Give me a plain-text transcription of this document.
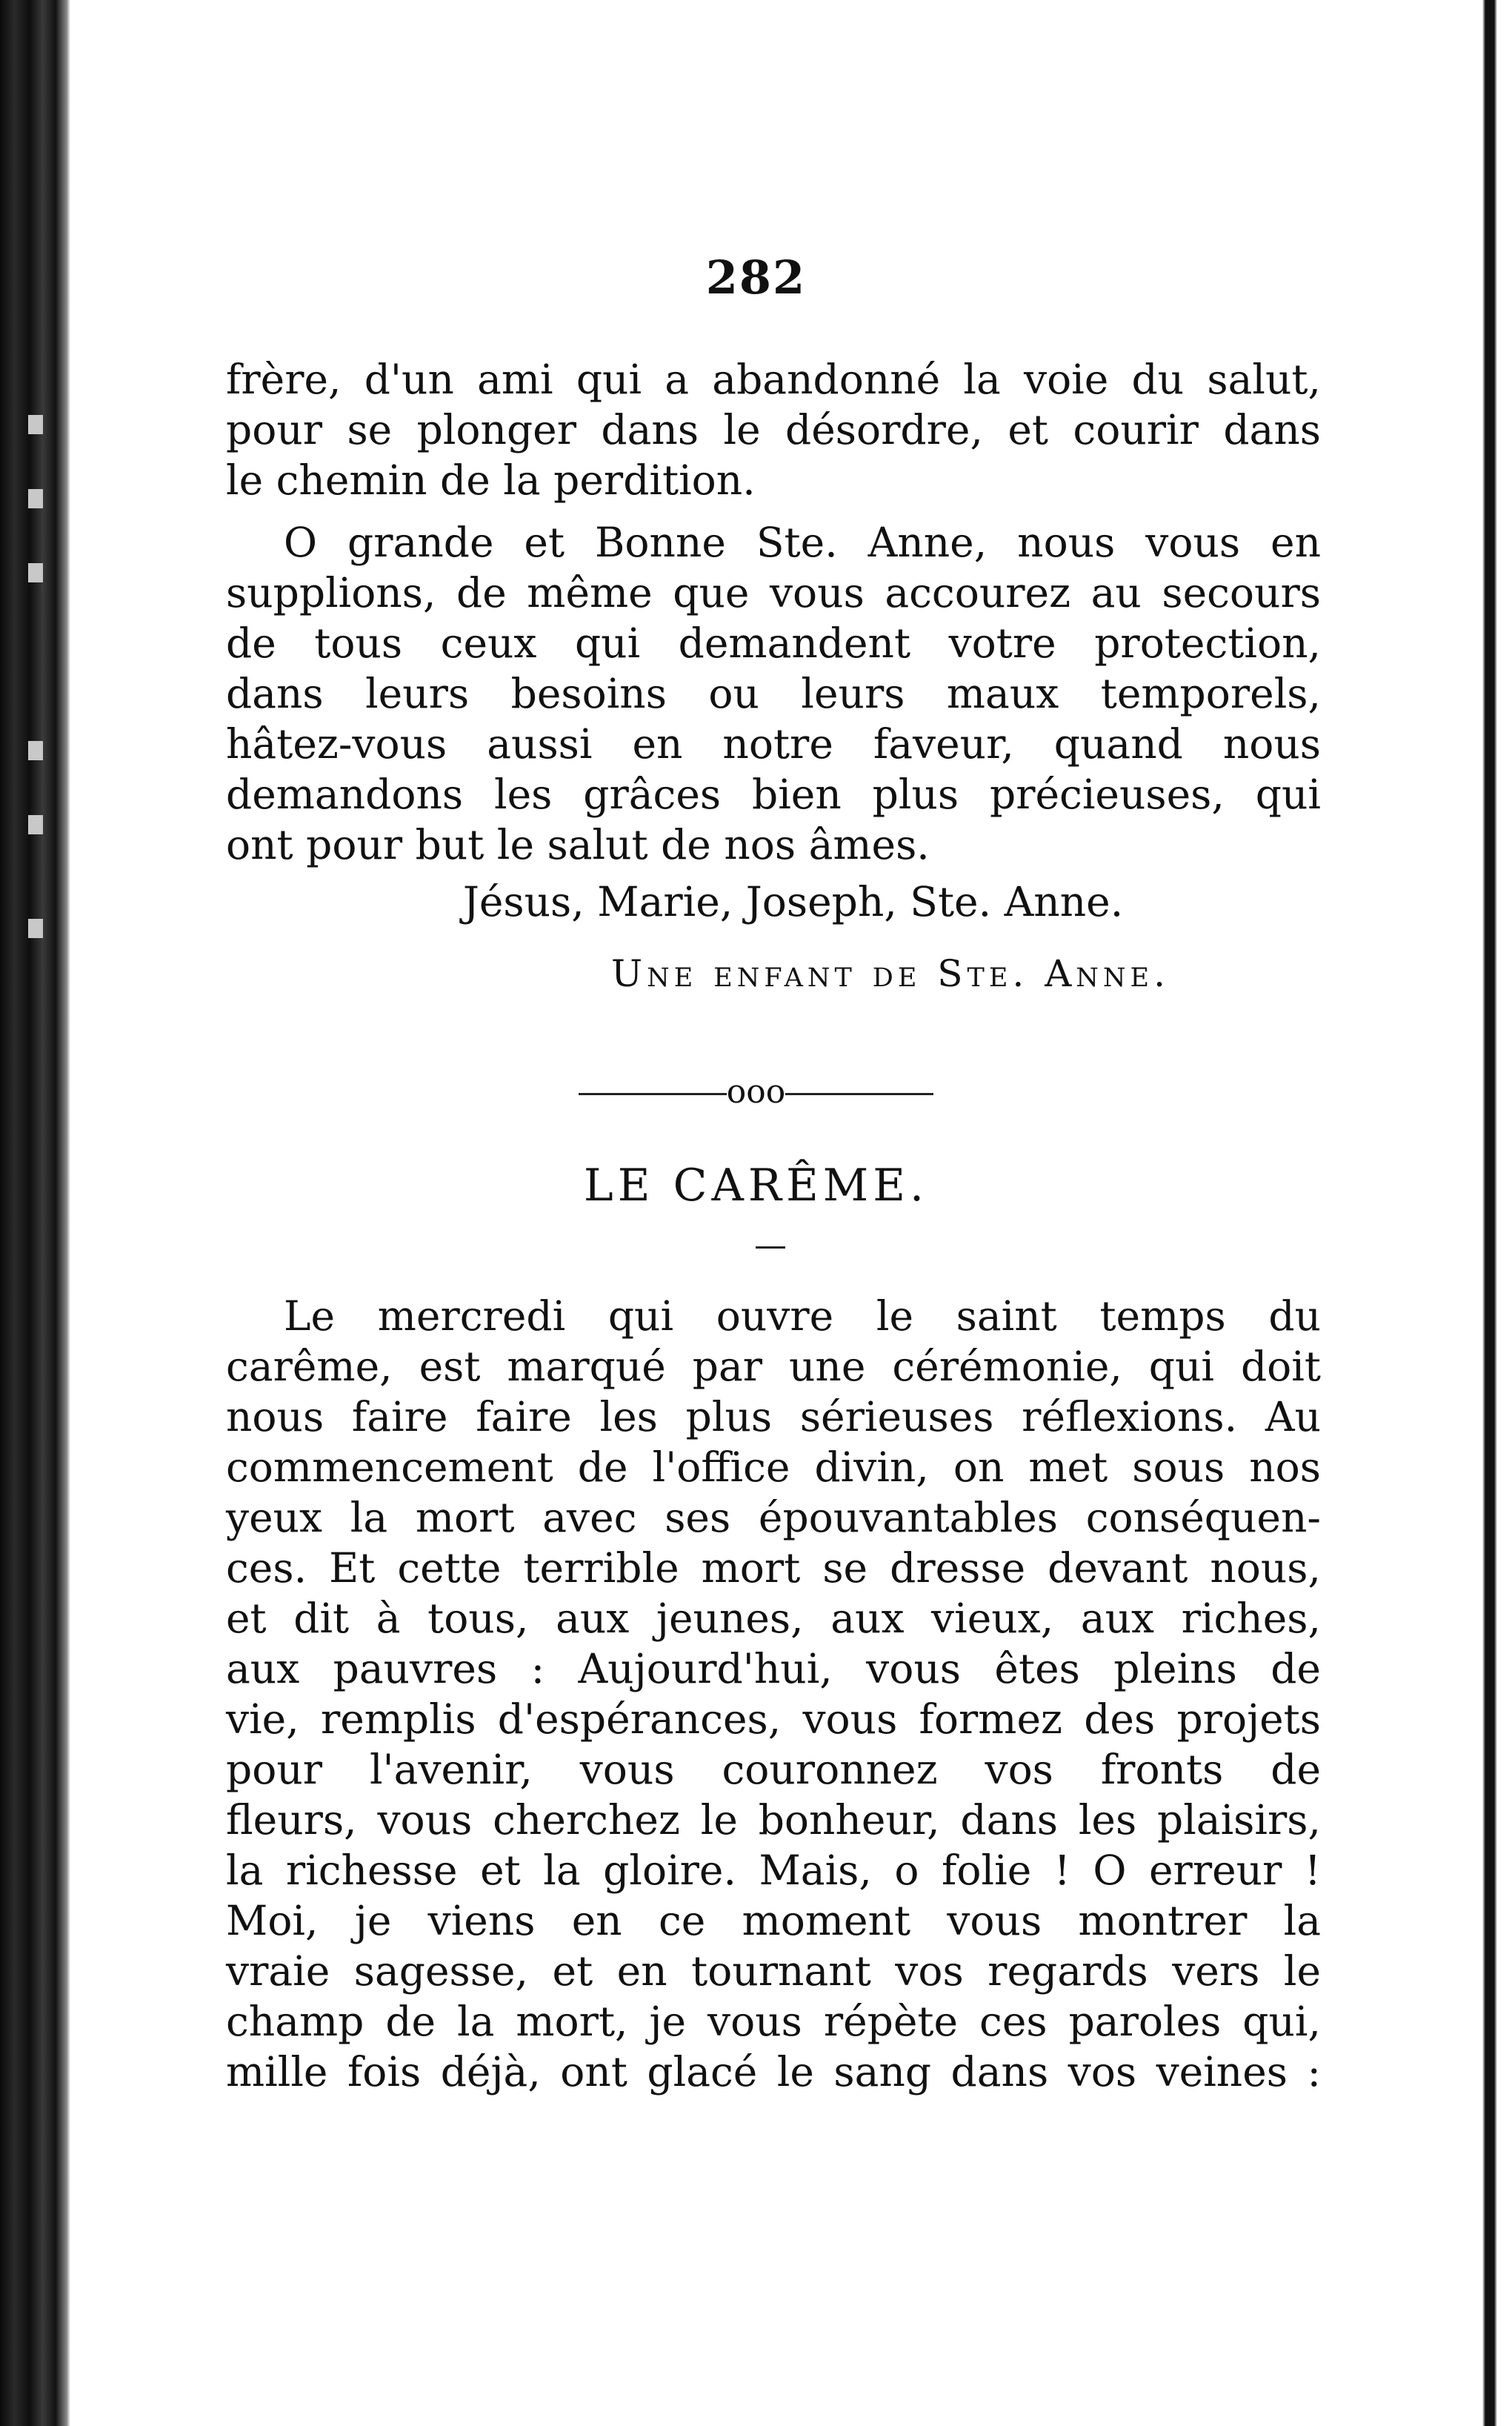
282
frère, d'un ami qui a abandonné la voie du salut,
pour se plonger dans le désordre, et courir dans
le chemin de la perdition.
O grande et Bonne Ste. Anne, nous vous en
supplions, de même que vous accourez au secours
de tous ceux qui demandent votre protection,
dans leurs besoins ou leurs maux temporels,
hâtez-vous aussi en notre faveur, quand nous
demandons les grâces bien plus précieuses, qui
ont pour but le salut de nos âmes.
Jésus, Marie, Joseph, Ste. Anne.
Une enfant de Ste. Anne.
ooo
LE CARÊME.
Le mercredi qui ouvre le saint temps du
carême, est marqué par une cérémonie, qui doit
nous faire faire les plus sérieuses réflexions. Au
commencement de l'office divin, on met sous nos
yeux la mort avec ses épouvantables conséquen-
ces. Et cette terrible mort se dresse devant nous,
et dit à tous, aux jeunes, aux vieux, aux riches,
aux pauvres : Aujourd'hui, vous êtes pleins de
vie, remplis d'espérances, vous formez des projets
pour l'avenir, vous couronnez vos fronts de
fleurs, vous cherchez le bonheur, dans les plaisirs,
la richesse et la gloire. Mais, o folie ! O erreur !
Moi, je viens en ce moment vous montrer la
vraie sagesse, et en tournant vos regards vers le
champ de la mort, je vous répète ces paroles qui,
mille fois déjà, ont glacé le sang dans vos veines :
